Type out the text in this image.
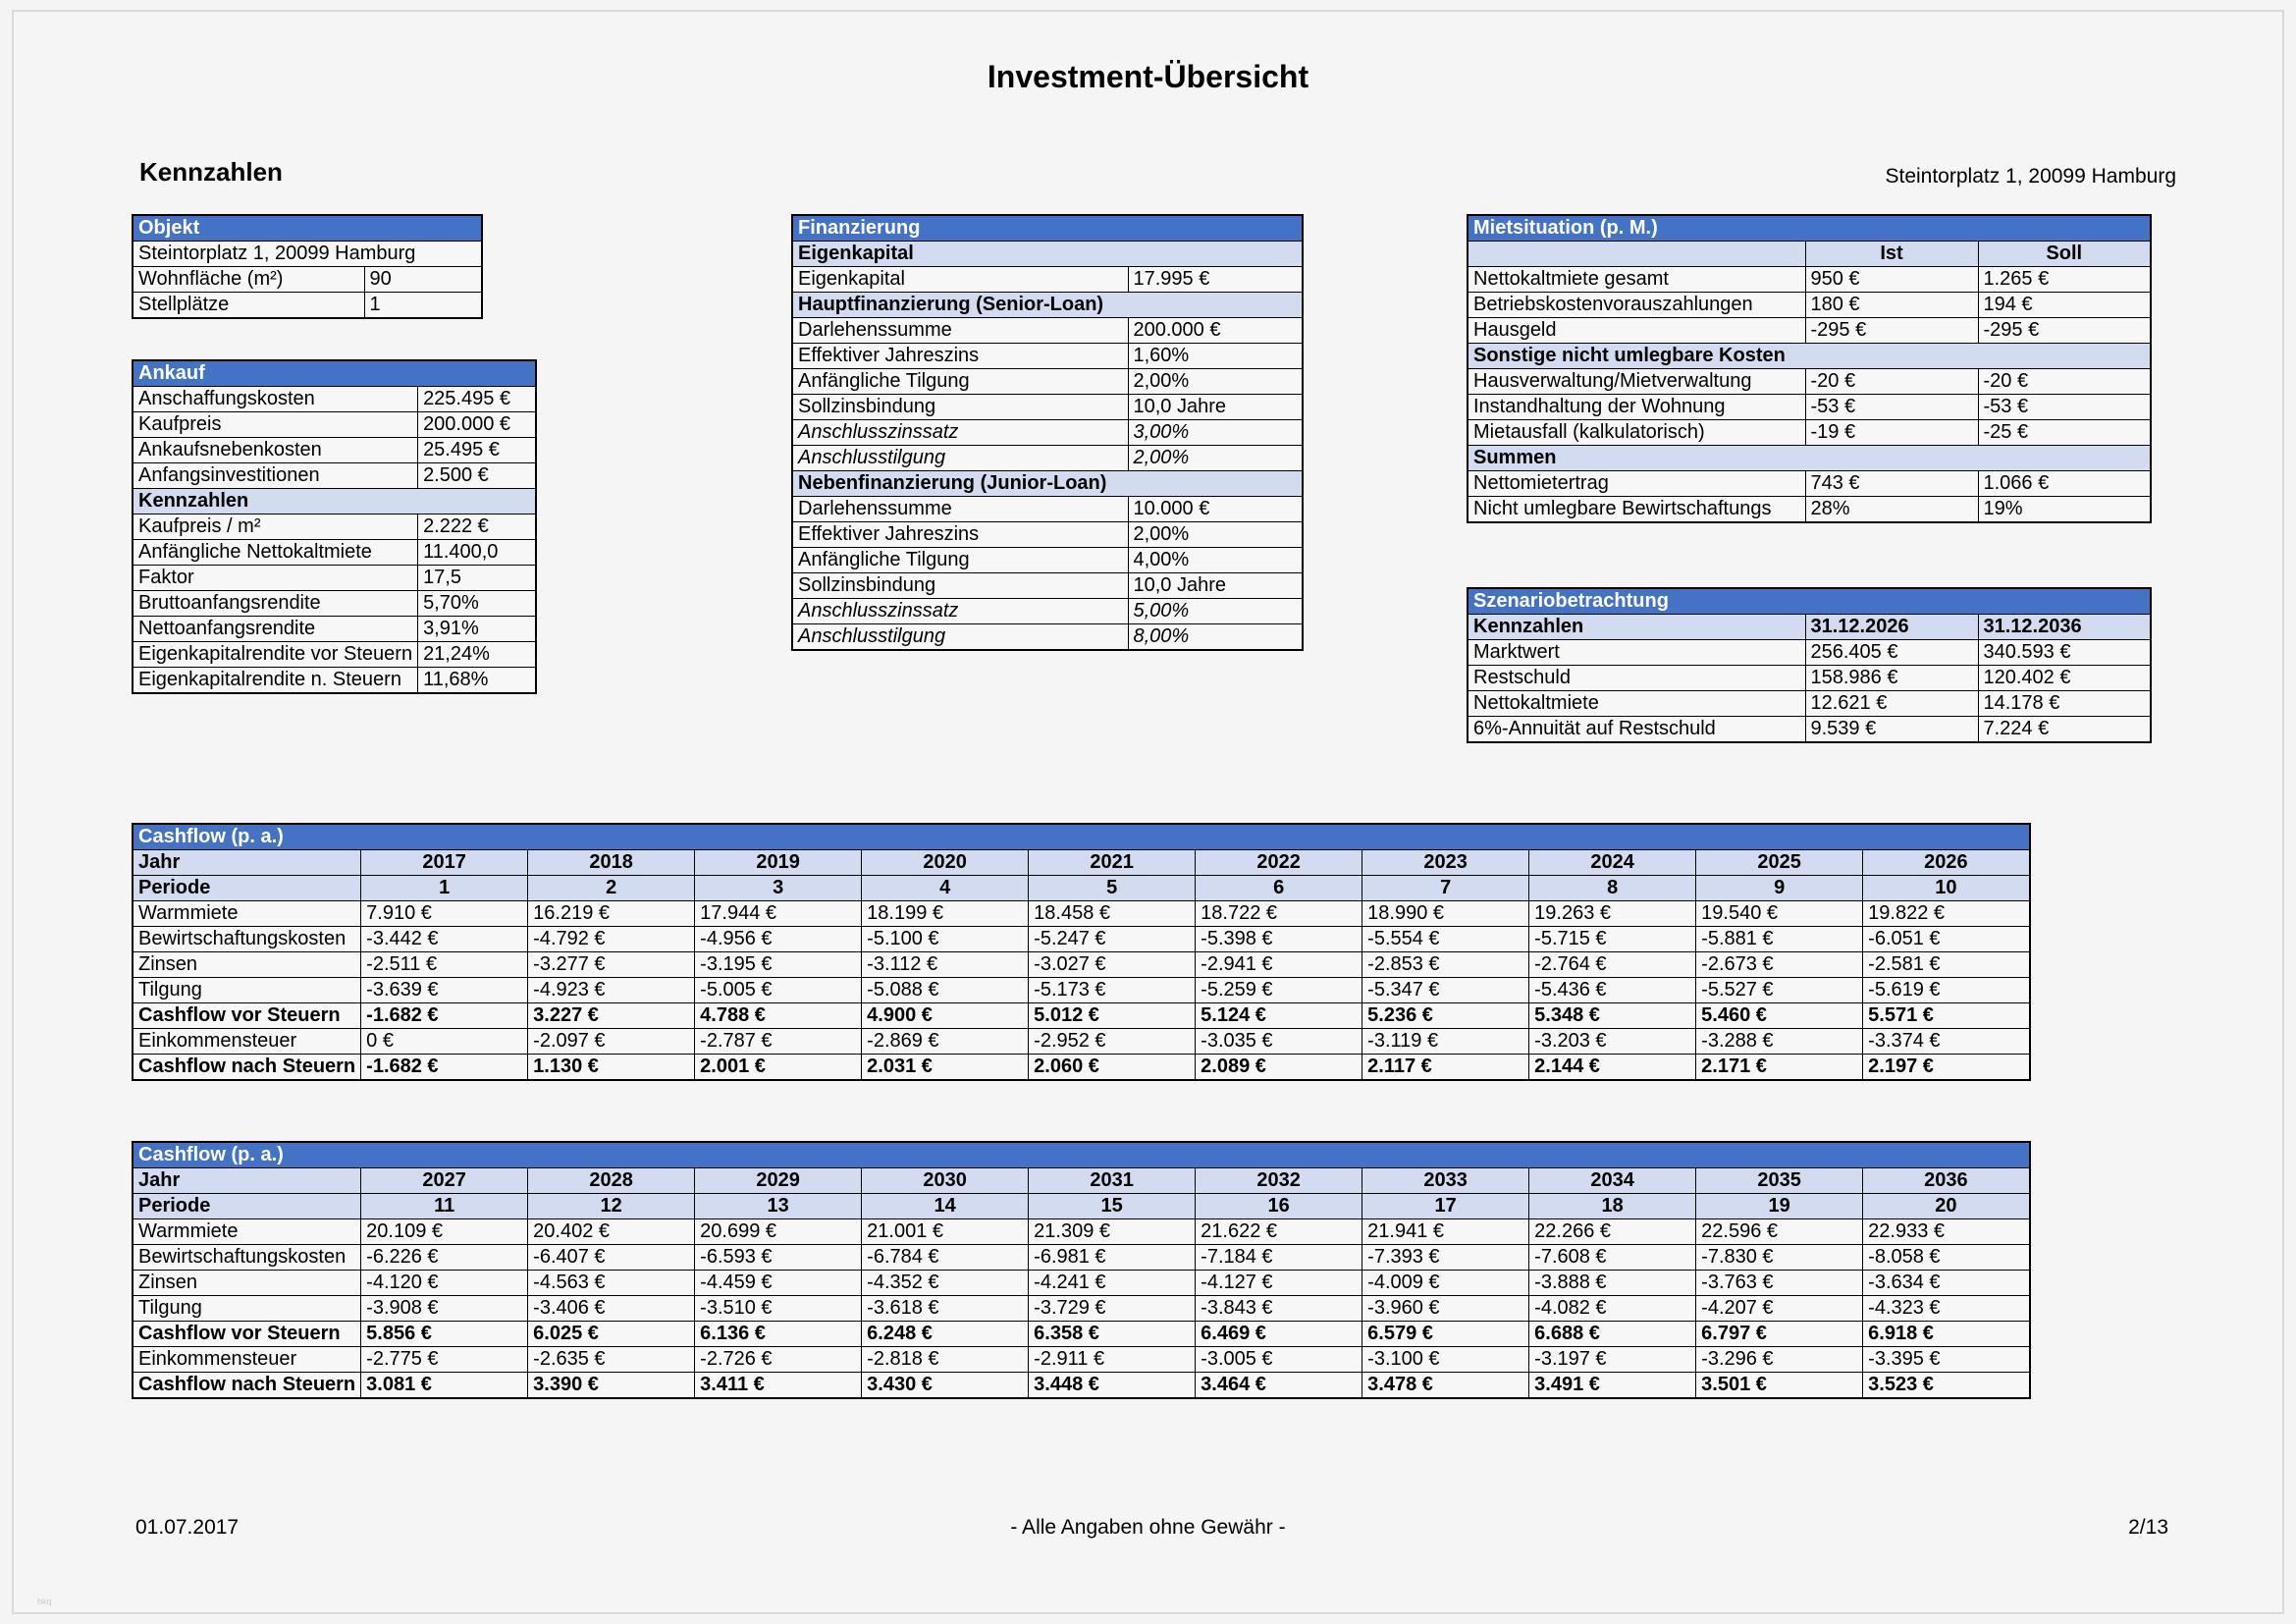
Investment-Übersicht
Kennzahlen	Steintorplatz 1, 20099 Hamburg
Objekt	
Steintorplatz 1, 20099 Hamburg	
Wohnfläche (m²)	90
Stellplätze	1
Ankauf	
Anschaffungskosten	225.495 €
Kaufpreis	200.000 €
Ankaufsnebenkosten	25.495 €
Anfangsinvestitionen	2.500 €
Kennzahlen	
Kaufpreis / m²	2.222 €
Anfängliche Nettokaltmiete	11.400,0
Faktor	17,5
Bruttoanfangsrendite	5,70%
Nettoanfangsrendite	3,91%
Eigenkapitalrendite vor Steuern	21,24%
Eigenkapitalrendite n. Steuern	11,68%
Finanzierung	
Eigenkapital	
Eigenkapital	17.995 €
Hauptfinanzierung (Senior-Loan)	
Darlehenssumme	200.000 €
Effektiver Jahreszins	1,60%
Anfängliche Tilgung	2,00%
Sollzinsbindung	10,0 Jahre
Anschlusszinssatz	3,00%
Anschlusstilgung	2,00%
Nebenfinanzierung (Junior-Loan)	
Darlehenssumme	10.000 €
Effektiver Jahreszins	2,00%
Anfängliche Tilgung	4,00%
Sollzinsbindung	10,0 Jahre
Anschlusszinssatz	5,00%
Anschlusstilgung	8,00%
Mietsituation (p. M.)		
	Ist	Soll
Nettokaltmiete gesamt	950 €	1.265 €
Betriebskostenvorauszahlungen	180 €	194 €
Hausgeld	-295 €	-295 €
Sonstige nicht umlegbare Kosten		
Hausverwaltung/Mietverwaltung	-20 €	-20 €
Instandhaltung der Wohnung	-53 €	-53 €
Mietausfall (kalkulatorisch)	-19 €	-25 €
Summen		
Nettomietertrag	743 €	1.066 €
Nicht umlegbare Bewirtschaftungs	28%	19%
Szenariobetrachtung		
Kennzahlen	31.12.2026	31.12.2036
Marktwert	256.405 €	340.593 €
Restschuld	158.986 €	120.402 €
Nettokaltmiete	12.621 €	14.178 €
6%-Annuität auf Restschuld	9.539 €	7.224 €
Cashflow (p. a.)										
Jahr	2017	2018	2019	2020	2021	2022	2023	2024	2025	2026
Periode	1	2	3	4	5	6	7	8	9	10
Warmmiete	7.910 €	16.219 €	17.944 €	18.199 €	18.458 €	18.722 €	18.990 €	19.263 €	19.540 €	19.822 €
Bewirtschaftungskosten	-3.442 €	-4.792 €	-4.956 €	-5.100 €	-5.247 €	-5.398 €	-5.554 €	-5.715 €	-5.881 €	-6.051 €
Zinsen	-2.511 €	-3.277 €	-3.195 €	-3.112 €	-3.027 €	-2.941 €	-2.853 €	-2.764 €	-2.673 €	-2.581 €
Tilgung	-3.639 €	-4.923 €	-5.005 €	-5.088 €	-5.173 €	-5.259 €	-5.347 €	-5.436 €	-5.527 €	-5.619 €
Cashflow vor Steuern	-1.682 €	3.227 €	4.788 €	4.900 €	5.012 €	5.124 €	5.236 €	5.348 €	5.460 €	5.571 €
Einkommensteuer	0 €	-2.097 €	-2.787 €	-2.869 €	-2.952 €	-3.035 €	-3.119 €	-3.203 €	-3.288 €	-3.374 €
Cashflow nach Steuern	-1.682 €	1.130 €	2.001 €	2.031 €	2.060 €	2.089 €	2.117 €	2.144 €	2.171 €	2.197 €
Cashflow (p. a.)										
Jahr	2027	2028	2029	2030	2031	2032	2033	2034	2035	2036
Periode	11	12	13	14	15	16	17	18	19	20
Warmmiete	20.109 €	20.402 €	20.699 €	21.001 €	21.309 €	21.622 €	21.941 €	22.266 €	22.596 €	22.933 €
Bewirtschaftungskosten	-6.226 €	-6.407 €	-6.593 €	-6.784 €	-6.981 €	-7.184 €	-7.393 €	-7.608 €	-7.830 €	-8.058 €
Zinsen	-4.120 €	-4.563 €	-4.459 €	-4.352 €	-4.241 €	-4.127 €	-4.009 €	-3.888 €	-3.763 €	-3.634 €
Tilgung	-3.908 €	-3.406 €	-3.510 €	-3.618 €	-3.729 €	-3.843 €	-3.960 €	-4.082 €	-4.207 €	-4.323 €
Cashflow vor Steuern	5.856 €	6.025 €	6.136 €	6.248 €	6.358 €	6.469 €	6.579 €	6.688 €	6.797 €	6.918 €
Einkommensteuer	-2.775 €	-2.635 €	-2.726 €	-2.818 €	-2.911 €	-3.005 €	-3.100 €	-3.197 €	-3.296 €	-3.395 €
Cashflow nach Steuern	3.081 €	3.390 €	3.411 €	3.430 €	3.448 €	3.464 €	3.478 €	3.491 €	3.501 €	3.523 €
01.07.2017	- Alle Angaben ohne Gewähr -	2/13
bkq
